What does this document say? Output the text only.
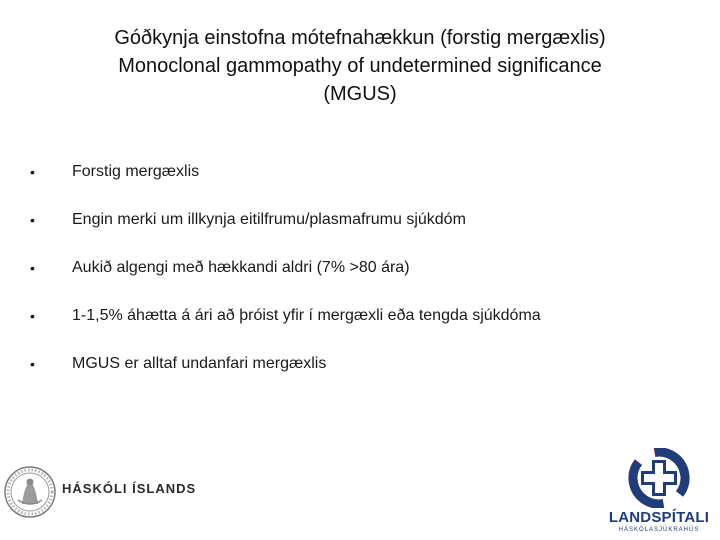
Góðkynja einstofna mótefnahækkun (forstig mergæxlis)
Monoclonal gammopathy of undetermined significance
(MGUS)
• Forstig mergæxlis
• Engin merki um illkynja eitilfrumu/plasmafrumu sjúkdóm
• Aukið algengi með hækkandi aldri (7% >80 ára)
• 1-1,5% áhætta á ári að þróist yfir í mergæxli eða tengda sjúkdóma
• MGUS er alltaf undanfari mergæxlis
HÁSKÓLI ÍSLANDS
LANDSPÍTALI
HÁSKÓLASJÚKRAHÚS
